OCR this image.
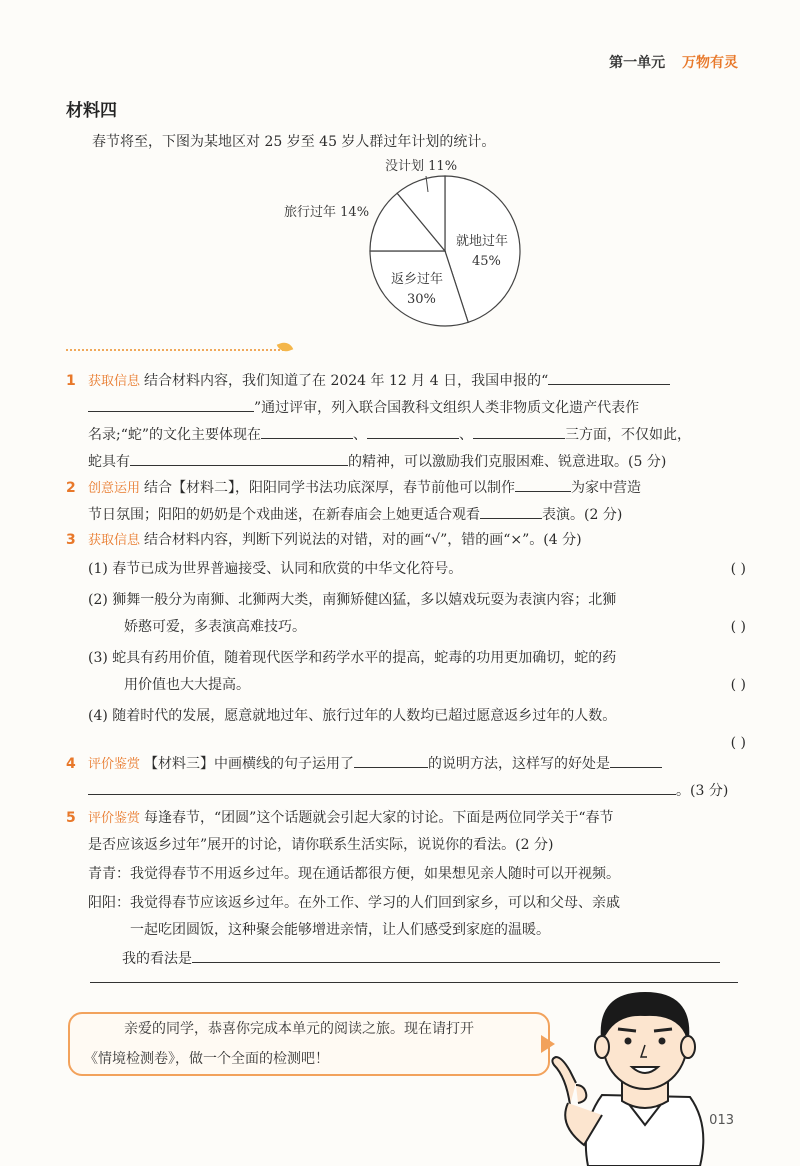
第一单元 万物有灵
材料四
春节将至，下图为某地区对 25 岁至 45 岁人群过年计划的统计。
没计划 11%
旅行过年 14%
就地过年
45%
返乡过年
30%
1 获取信息 结合材料内容，我们知道了在 2024 年 12 月 4 日，我国申报的“
”通过评审，列入联合国教科文组织人类非物质文化遗产代表作
名录;“蛇”的文化主要体现在	、	、	三方面，不仅如此，
蛇具有	的精神，可以激励我们克服困难、锐意进取。(5 分)
2 创意运用 结合【材料二】，阳阳同学书法功底深厚，春节前他可以制作	为家中营造
节日氛围；阳阳的奶奶是个戏曲迷，在新春庙会上她更适合观看	表演。(2 分)
3 获取信息 结合材料内容，判断下列说法的对错，对的画“√”，错的画“×”。(4 分)
(1) 春节已成为世界普遍接受、认同和欣赏的中华文化符号。	( )
(2) 狮舞一般分为南狮、北狮两大类，南狮矫健凶猛，多以嬉戏玩耍为表演内容；北狮
娇憨可爱，多表演高难技巧。	( )
(3) 蛇具有药用价值，随着现代医学和药学水平的提高，蛇毒的功用更加确切，蛇的药
用价值也大大提高。	( )
(4) 随着时代的发展，愿意就地过年、旅行过年的人数均已超过愿意返乡过年的人数。
( )
4 评价鉴赏 【材料三】中画横线的句子运用了	的说明方法，这样写的好处是
。(3 分)
5 评价鉴赏 每逢春节，“团圆”这个话题就会引起大家的讨论。下面是两位同学关于“春节
是否应该返乡过年”展开的讨论，请你联系生活实际，说说你的看法。(2 分)
青青：我觉得春节不用返乡过年。现在通话都很方便，如果想见亲人随时可以开视频。
阳阳：我觉得春节应该返乡过年。在外工作、学习的人们回到家乡，可以和父母、亲戚
一起吃团圆饭，这种聚会能够增进亲情，让人们感受到家庭的温暖。
我的看法是

亲爱的同学，恭喜你完成本单元的阅读之旅。现在请打开

《情境检测卷》，做一个全面的检测吧！

013
